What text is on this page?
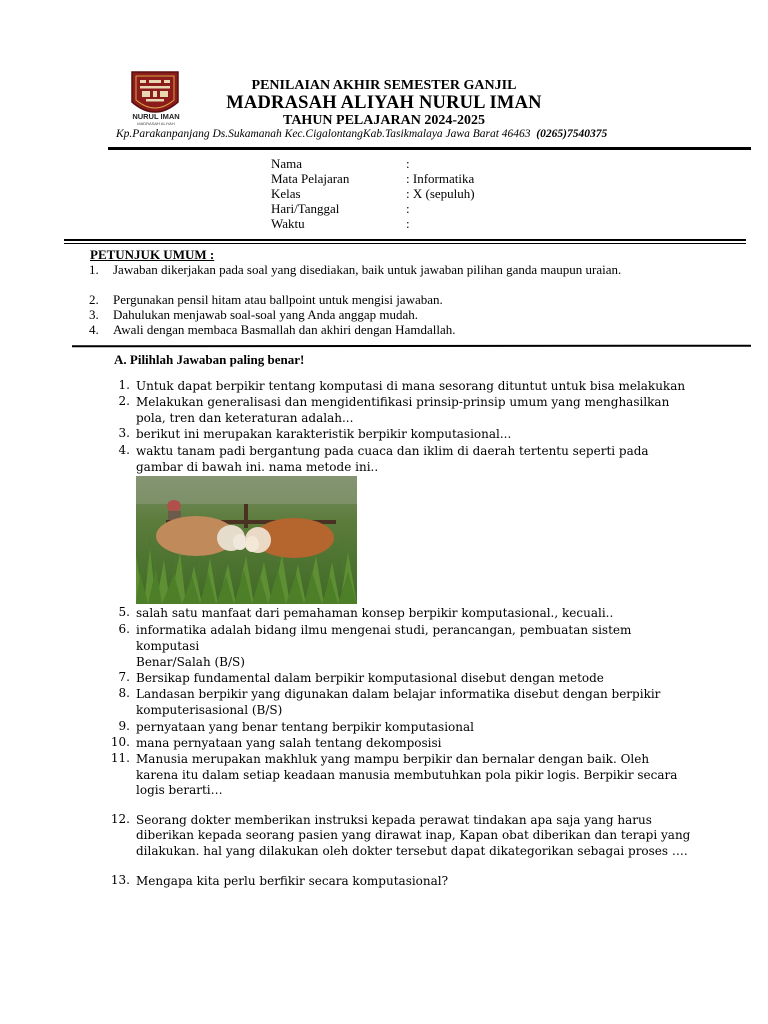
NURUL IMAN
MADRASAH ALIYAH
PENILAIAN AKHIR SEMESTER GANJIL
MADRASAH ALIYAH NURUL IMAN
TAHUN PELAJARAN 2024-2025
Kp.Parakanpanjang Ds.Sukamanah Kec.CigalontangKab.Tasikmalaya Jawa Barat 46463 (0265)7540375
Nama	:
Mata Pelajaran	: Informatika
Kelas	: X (sepuluh)
Hari/Tanggal	:
Waktu	:
PETUNJUK UMUM :
1. Jawaban dikerjakan pada soal yang disediakan, baik untuk jawaban pilihan ganda maupun uraian.
2. Pergunakan pensil hitam atau ballpoint untuk mengisi jawaban.
3. Dahulukan menjawab soal-soal yang Anda anggap mudah.
4. Awali dengan membaca Basmallah dan akhiri dengan Hamdallah.
A. Pilihlah Jawaban paling benar!
1. Untuk dapat berpikir tentang komputasi di mana sesorang dituntut untuk bisa melakukan
2. Melakukan generalisasi dan mengidentifikasi prinsip-prinsip umum yang menghasilkan
pola, tren dan keteraturan adalah...
3. berikut ini merupakan karakteristik berpikir komputasional...
4. waktu tanam padi bergantung pada cuaca dan iklim di daerah tertentu seperti pada
gambar di bawah ini. nama metode ini..
5. salah satu manfaat dari pemahaman konsep berpikir komputasional., kecuali..
6. informatika adalah bidang ilmu mengenai studi, perancangan, pembuatan sistem
komputasi
Benar/Salah (B/S)
7. Bersikap fundamental dalam berpikir komputasional disebut dengan metode
8. Landasan berpikir yang digunakan dalam belajar informatika disebut dengan berpikir
komputerisasional (B/S)
9. pernyataan yang benar tentang berpikir komputasional
10. mana pernyataan yang salah tentang dekomposisi
11. Manusia merupakan makhluk yang mampu berpikir dan bernalar dengan baik. Oleh
karena itu dalam setiap keadaan manusia membutuhkan pola pikir logis. Berpikir secara
logis berarti…
12. Seorang dokter memberikan instruksi kepada perawat tindakan apa saja yang harus
diberikan kepada seorang pasien yang dirawat inap, Kapan obat diberikan dan terapi yang
dilakukan. hal yang dilakukan oleh dokter tersebut dapat dikategorikan sebagai proses ….
13. Mengapa kita perlu berfikir secara komputasional?
